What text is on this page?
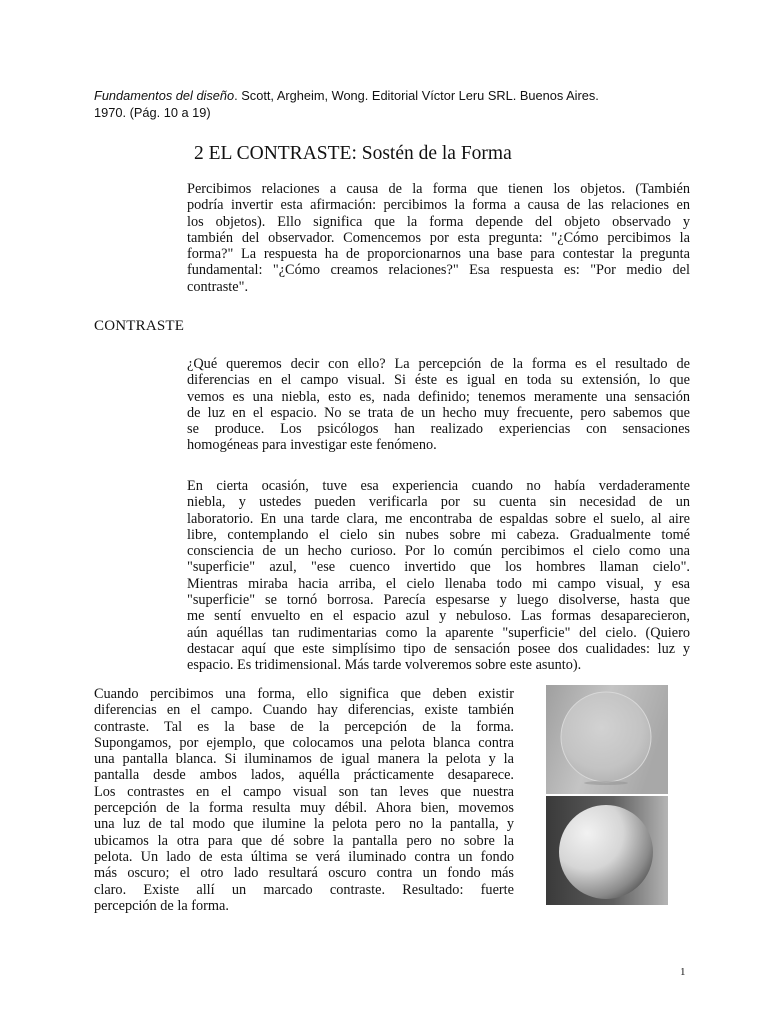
Fundamentos del diseño. Scott, Argheim, Wong. Editorial Víctor Leru SRL. Buenos Aires.
1970. (Pág. 10 a 19)

2 EL CONTRASTE: Sostén de la Forma
Percibimos relaciones a causa de la forma que tienen los objetos. (También
podría invertir esta afirmación: percibimos la forma a causa de las relaciones en
los objetos). Ello significa que la forma depende del objeto observado y
también del observador. Comencemos por esta pregunta: "¿Cómo percibimos la
forma?" La respuesta ha de proporcionarnos una base para contestar la pregunta
fundamental: "¿Cómo creamos relaciones?" Esa respuesta es: "Por medio del
contraste".
CONTRASTE
¿Qué queremos decir con ello? La percepción de la forma es el resultado de
diferencias en el campo visual. Si éste es igual en toda su extensión, lo que
vemos es una niebla, esto es, nada definido; tenemos meramente una sensación
de luz en el espacio. No se trata de un hecho muy frecuente, pero sabemos que
se produce. Los psicólogos han realizado experiencias con sensaciones
homogéneas para investigar este fenómeno.
En cierta ocasión, tuve esa experiencia cuando no había verdaderamente
niebla, y ustedes pueden verificarla por su cuenta sin necesidad de un
laboratorio. En una tarde clara, me encontraba de espaldas sobre el suelo, al aire
libre, contemplando el cielo sin nubes sobre mi cabeza. Gradualmente tomé
consciencia de un hecho curioso. Por lo común percibimos el cielo como una
"superficie" azul, "ese cuenco invertido que los hombres llaman cielo".
Mientras miraba hacia arriba, el cielo llenaba todo mi campo visual, y esa
"superficie" se tornó borrosa. Parecía espesarse y luego disolverse, hasta que
me sentí envuelto en el espacio azul y nebuloso. Las formas desaparecieron,
aún aquéllas tan rudimentarias como la aparente "superficie" del cielo. (Quiero
destacar aquí que este simplísimo tipo de sensación posee dos cualidades: luz y
espacio. Es tridimensional. Más tarde volveremos sobre este asunto).
Cuando percibimos una forma, ello significa que deben existir
diferencias en el campo. Cuando hay diferencias, existe también
contraste. Tal es la base de la percepción de la forma.
Supongamos, por ejemplo, que colocamos una pelota blanca contra
una pantalla blanca. Si iluminamos de igual manera la pelota y la
pantalla desde ambos lados, aquélla prácticamente desaparece.
Los contrastes en el campo visual son tan leves que nuestra
percepción de la forma resulta muy débil. Ahora bien, movemos
una luz de tal modo que ilumine la pelota pero no la pantalla, y
ubicamos la otra para que dé sobre la pantalla pero no sobre la
pelota. Un lado de esta última se verá iluminado contra un fondo
más oscuro; el otro lado resultará oscuro contra un fondo más
claro. Existe allí un marcado contraste. Resultado: fuerte
percepción de la forma.

1
